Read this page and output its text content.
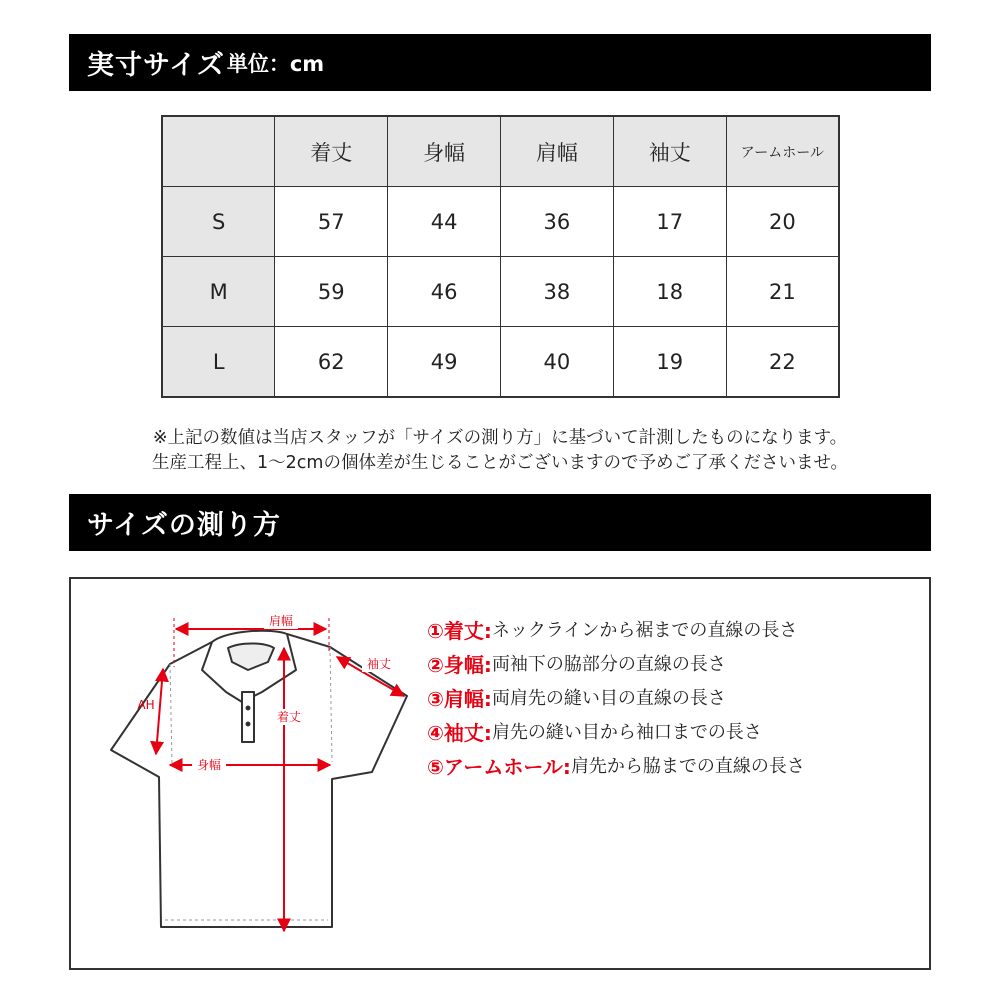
実寸サイズ 単位：cm
	着丈	身幅	肩幅	袖丈	アームホール
S	57	44	36	17	20
M	59	46	38	18	21
L	62	49	40	19	22
※上記の数値は当店スタッフが「サイズの測り方」に基づいて計測したものになります。
生産工程上、1〜2cmの個体差が生じることがございますので予めご了承くださいませ。
サイズの測り方
肩幅
袖丈
着丈
身幅
AH
①着丈: ネックラインから裾までの直線の長さ
②身幅: 両袖下の脇部分の直線の長さ
③肩幅: 両肩先の縫い目の直線の長さ
④袖丈: 肩先の縫い目から袖口までの長さ
⑤アームホール: 肩先から脇までの直線の長さ
